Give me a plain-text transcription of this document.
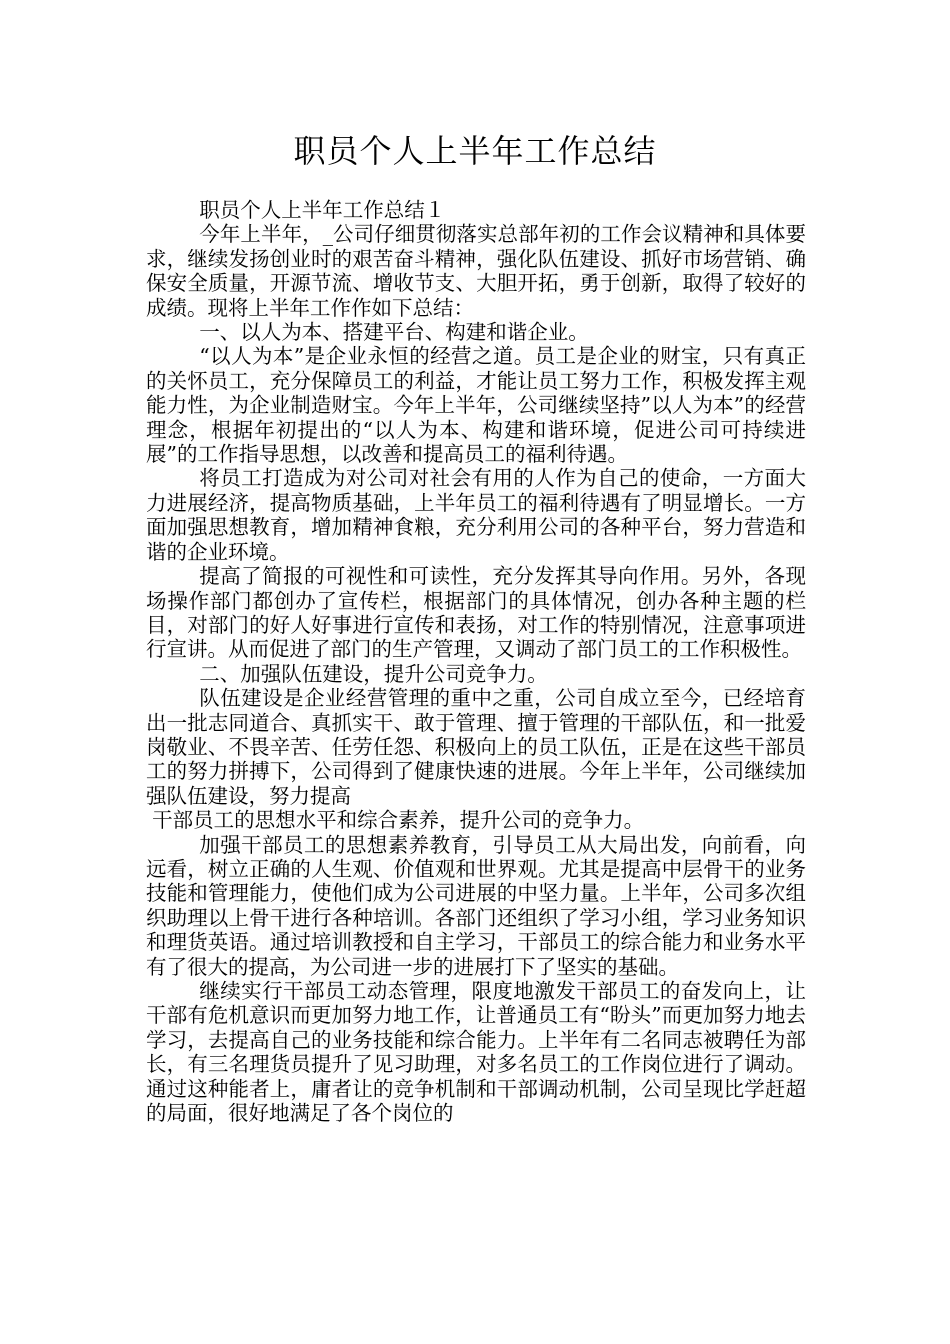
职员个人上半年工作总结

职员个人上半年工作总结１

今年上半年，_公司仔细贯彻落实总部年初的工作会议精神和具体要求，继续发扬创业时的艰苦奋斗精神，强化队伍建设、抓好市场营销、确保安全质量，开源节流、增收节支、大胆开拓，勇于创新，取得了较好的成绩。现将上半年工作作如下总结：

一、以人为本、搭建平台、构建和谐企业。

“以人为本”是企业永恒的经营之道。员工是企业的财宝，只有真正的关怀员工，充分保障员工的利益，才能让员工努力工作，积极发挥主观能力性，为企业制造财宝。今年上半年，公司继续坚持”以人为本”的经营理念，根据年初提出的“以人为本、构建和谐环境，促进公司可持续进展”的工作指导思想，以改善和提高员工的福利待遇。

将员工打造成为对公司对社会有用的人作为自己的使命，一方面大力进展经济，提高物质基础，上半年员工的福利待遇有了明显增长。一方面加强思想教育，增加精神食粮，充分利用公司的各种平台，努力营造和谐的企业环境。

提高了简报的可视性和可读性，充分发挥其导向作用。另外，各现场操作部门都创办了宣传栏，根据部门的具体情况，创办各种主题的栏目，对部门的好人好事进行宣传和表扬，对工作的特别情况，注意事项进行宣讲。从而促进了部门的生产管理，又调动了部门员工的工作积极性。

二、加强队伍建设，提升公司竞争力。

队伍建设是企业经营管理的重中之重，公司自成立至今，已经培育出一批志同道合、真抓实干、敢于管理、擅于管理的干部队伍，和一批爱岗敬业、不畏辛苦、任劳任怨、积极向上的员工队伍，正是在这些干部员工的努力拼搏下，公司得到了健康快速的进展。今年上半年，公司继续加强队伍建设，努力提高

干部员工的思想水平和综合素养，提升公司的竞争力。

加强干部员工的思想素养教育，引导员工从大局出发，向前看，向远看，树立正确的人生观、价值观和世界观。尤其是提高中层骨干的业务技能和管理能力，使他们成为公司进展的中坚力量。上半年，公司多次组织助理以上骨干进行各种培训。各部门还组织了学习小组，学习业务知识和理货英语。通过培训教授和自主学习，干部员工的综合能力和业务水平有了很大的提高，为公司进一步的进展打下了坚实的基础。

继续实行干部员工动态管理，限度地激发干部员工的奋发向上，让干部有危机意识而更加努力地工作，让普通员工有“盼头”而更加努力地去学习，去提高自己的业务技能和综合能力。上半年有二名同志被聘任为部长，有三名理货员提升了见习助理，对多名员工的工作岗位进行了调动。通过这种能者上，庸者让的竞争机制和干部调动机制，公司呈现比学赶超的局面，很好地满足了各个岗位的
